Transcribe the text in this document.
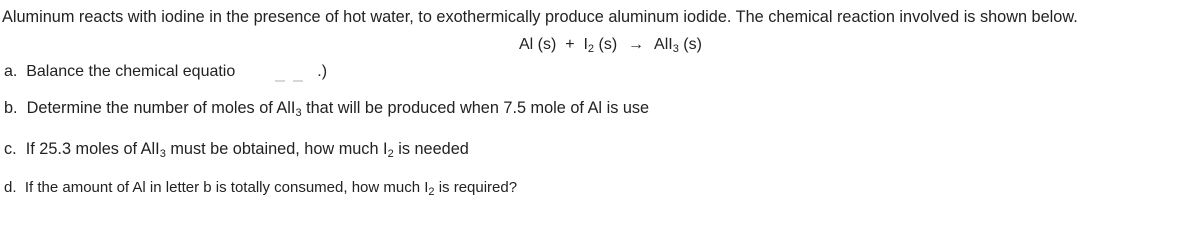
Aluminum reacts with iodine in the presence of hot water, to exothermically produce aluminum iodide. The chemical reaction involved is shown below.
Al $(s) + I_2$ (s) → AlI$_3$ (s)
a. Balance the chemical equatio	.)
b. Determine the number of moles of AlI$_3$ that will be produced when 7.5 mole of Al is use
c. If 25.3 moles of AlI$_3$ must be obtained, how much $I_2$ is needed
d. If the amount of Al in letter b is totally consumed, how much $I_2$ is required?
